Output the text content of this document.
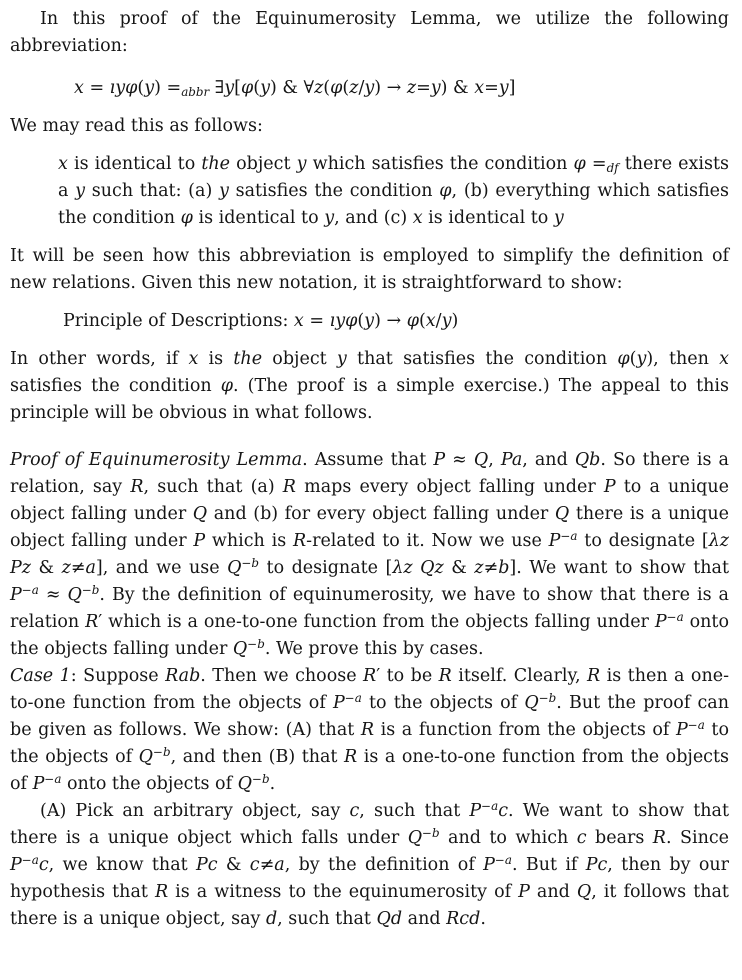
In this proof of the Equinumerosity Lemma, we utilize the following abbreviation:

x = ıyφ(y) $=_{abbr}$ ∃y[φ(y) & ∀z(φ(z/y) → z=y) & x=y]

We may read this as follows:

x is identical to the object y which satisfies the condition $\varphi =_{df}$ there exists a y such that: (a) y satisfies the condition φ, (b) everything which satisfies the condition φ is identical to y, and (c) x is identical to y

It will be seen how this abbreviation is employed to simplify the definition of new relations. Given this new notation, it is straightforward to show:

Principle of Descriptions: x = ıyφ(y) → φ(x/y)

In other words, if x is the object y that satisfies the condition φ(y), then x satisfies the condition φ. (The proof is a simple exercise.) The appeal to this principle will be obvious in what follows.

Proof of Equinumerosity Lemma. Assume that P ≈ Q, Pa, and Qb. So there is a relation, say R, such that (a) R maps every object falling under P to a unique object falling under Q and (b) for every object falling under Q there is a unique object falling under P which is R-related to it. Now we use $P^{-a}$ to designate [λz Pz & z≠a], and we use $Q^{-b}$ to designate [λz Qz & z≠b]. We want to show that $P^{-a} \approx Q^{-b}$. By the definition of equinumerosity, we have to show that there is a relation R′ which is a one-to-one function from the objects falling under $P^{-a}$ onto the objects falling under $Q^{-b}$. We prove this by cases.

Case 1: Suppose Rab. Then we choose R′ to be R itself. Clearly, R is then a one-to-one function from the objects of $P^{-a}$ to the objects of $Q^{-b}$. But the proof can be given as follows. We show: (A) that R is a function from the objects of $P^{-a}$ to the objects of $Q^{-b}$, and then (B) that R is a one-to-one function from the objects of $P^{-a}$ onto the objects of $Q^{-b}$.

(A) Pick an arbitrary object, say c, such that $P^{-a}c$. We want to show that there is a unique object which falls under $Q^{-b}$ and to which c bears R. Since $P^{-a}c$, we know that Pc & c≠a, by the definition of $P^{-a}$. But if Pc, then by our hypothesis that R is a witness to the equinumerosity of P and Q, it follows that there is a unique object, say d, such that Qd and Rcd.
